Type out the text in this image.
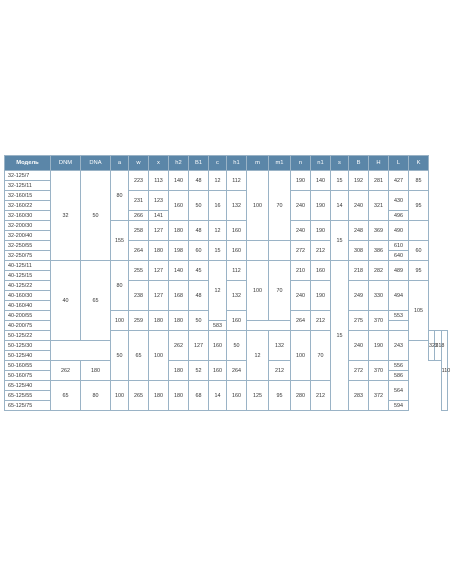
Модель	DNM	DNA	a	w	x	h2	B1	c	h1	m	m1	n	n1	s	B	H	L	K			
32-125/7	32	50	80	223	113	140	48	12	112	100	70	190	140	15	192	281	427	85			
32-125/11																					
32-160/15				231	123	160	50	16	132			240	190	14	240	321	430	95			
32-160/22																					
32-160/30				266	141												496				
32-200/30			155	258	127	180	48	12	160			240	190	15	248	369	490				
32-200/40																					
32-250/55				264	180	198	60	15	160			272	212		308	386	610	60			
32-250/75																	640				
40-125/11	40	65	80	255	127	140	45	12	112	100	70	210	160	15	218	282	489	95			
40-125/15																					
40-125/22				238	127	168	48		132			240	190		249	330	494	105			
40-160/30																					
40-160/40																					
40-200/55			100	259	180	180	50		160			264	212		275	370	553				
40-200/75								583													
50-125/22			50	65	100	262	127	160	50	12	132	100	70		240	190	243		322	518	110
50-125/30																					
50-125/40																					
50-160/55	262	180				180	52	160	264		212				272	370	556				
50-160/75																	586				
65-125/40	65	80	100	265	180	180	68	14	160	125	95	280	212		283	372	564				
65-125/55																					
65-125/75																	594				
